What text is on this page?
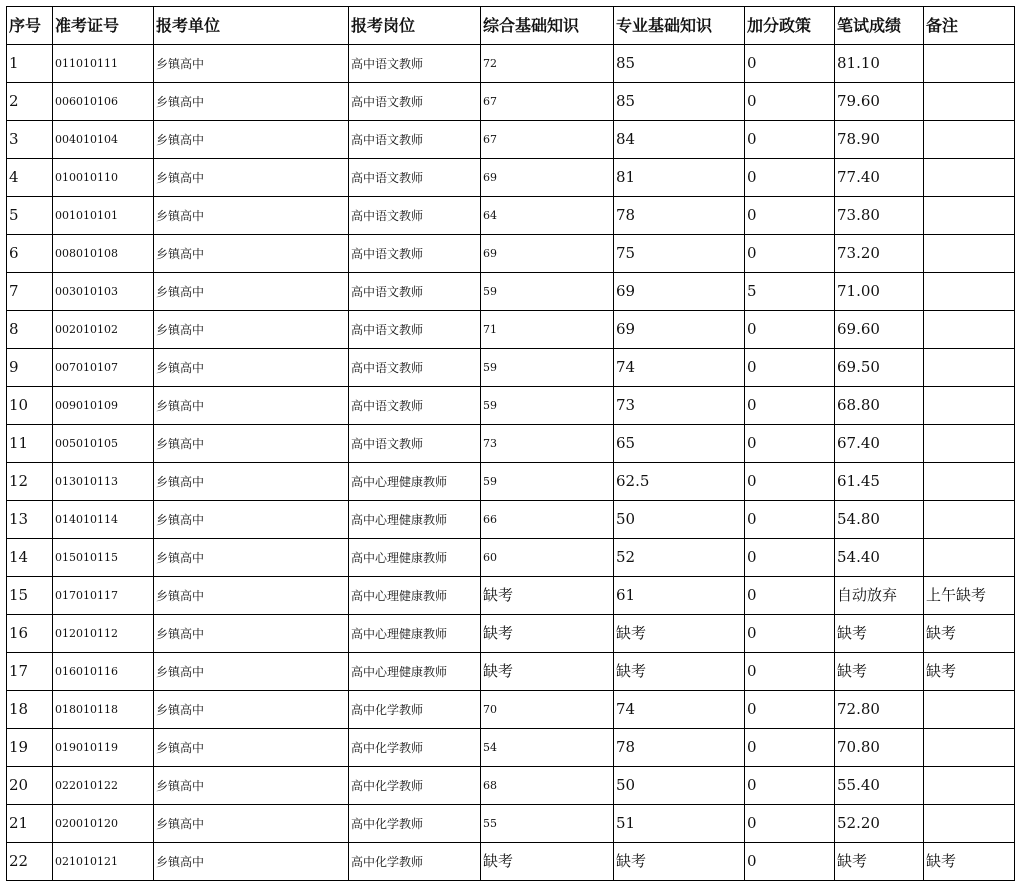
序号	准考证号	报考单位	报考岗位	综合基础知识	专业基础知识	加分政策	笔试成绩	备注
1	011010111	乡镇高中	高中语文教师	72	85	0	81.10	
2	006010106	乡镇高中	高中语文教师	67	85	0	79.60	
3	004010104	乡镇高中	高中语文教师	67	84	0	78.90	
4	010010110	乡镇高中	高中语文教师	69	81	0	77.40	
5	001010101	乡镇高中	高中语文教师	64	78	0	73.80	
6	008010108	乡镇高中	高中语文教师	69	75	0	73.20	
7	003010103	乡镇高中	高中语文教师	59	69	5	71.00	
8	002010102	乡镇高中	高中语文教师	71	69	0	69.60	
9	007010107	乡镇高中	高中语文教师	59	74	0	69.50	
10	009010109	乡镇高中	高中语文教师	59	73	0	68.80	
11	005010105	乡镇高中	高中语文教师	73	65	0	67.40	
12	013010113	乡镇高中	高中心理健康教师	59	62.5	0	61.45	
13	014010114	乡镇高中	高中心理健康教师	66	50	0	54.80	
14	015010115	乡镇高中	高中心理健康教师	60	52	0	54.40	
15	017010117	乡镇高中	高中心理健康教师	缺考	61	0	自动放弃	上午缺考
16	012010112	乡镇高中	高中心理健康教师	缺考	缺考	0	缺考	缺考
17	016010116	乡镇高中	高中心理健康教师	缺考	缺考	0	缺考	缺考
18	018010118	乡镇高中	高中化学教师	70	74	0	72.80	
19	019010119	乡镇高中	高中化学教师	54	78	0	70.80	
20	022010122	乡镇高中	高中化学教师	68	50	0	55.40	
21	020010120	乡镇高中	高中化学教师	55	51	0	52.20	
22	021010121	乡镇高中	高中化学教师	缺考	缺考	0	缺考	缺考
